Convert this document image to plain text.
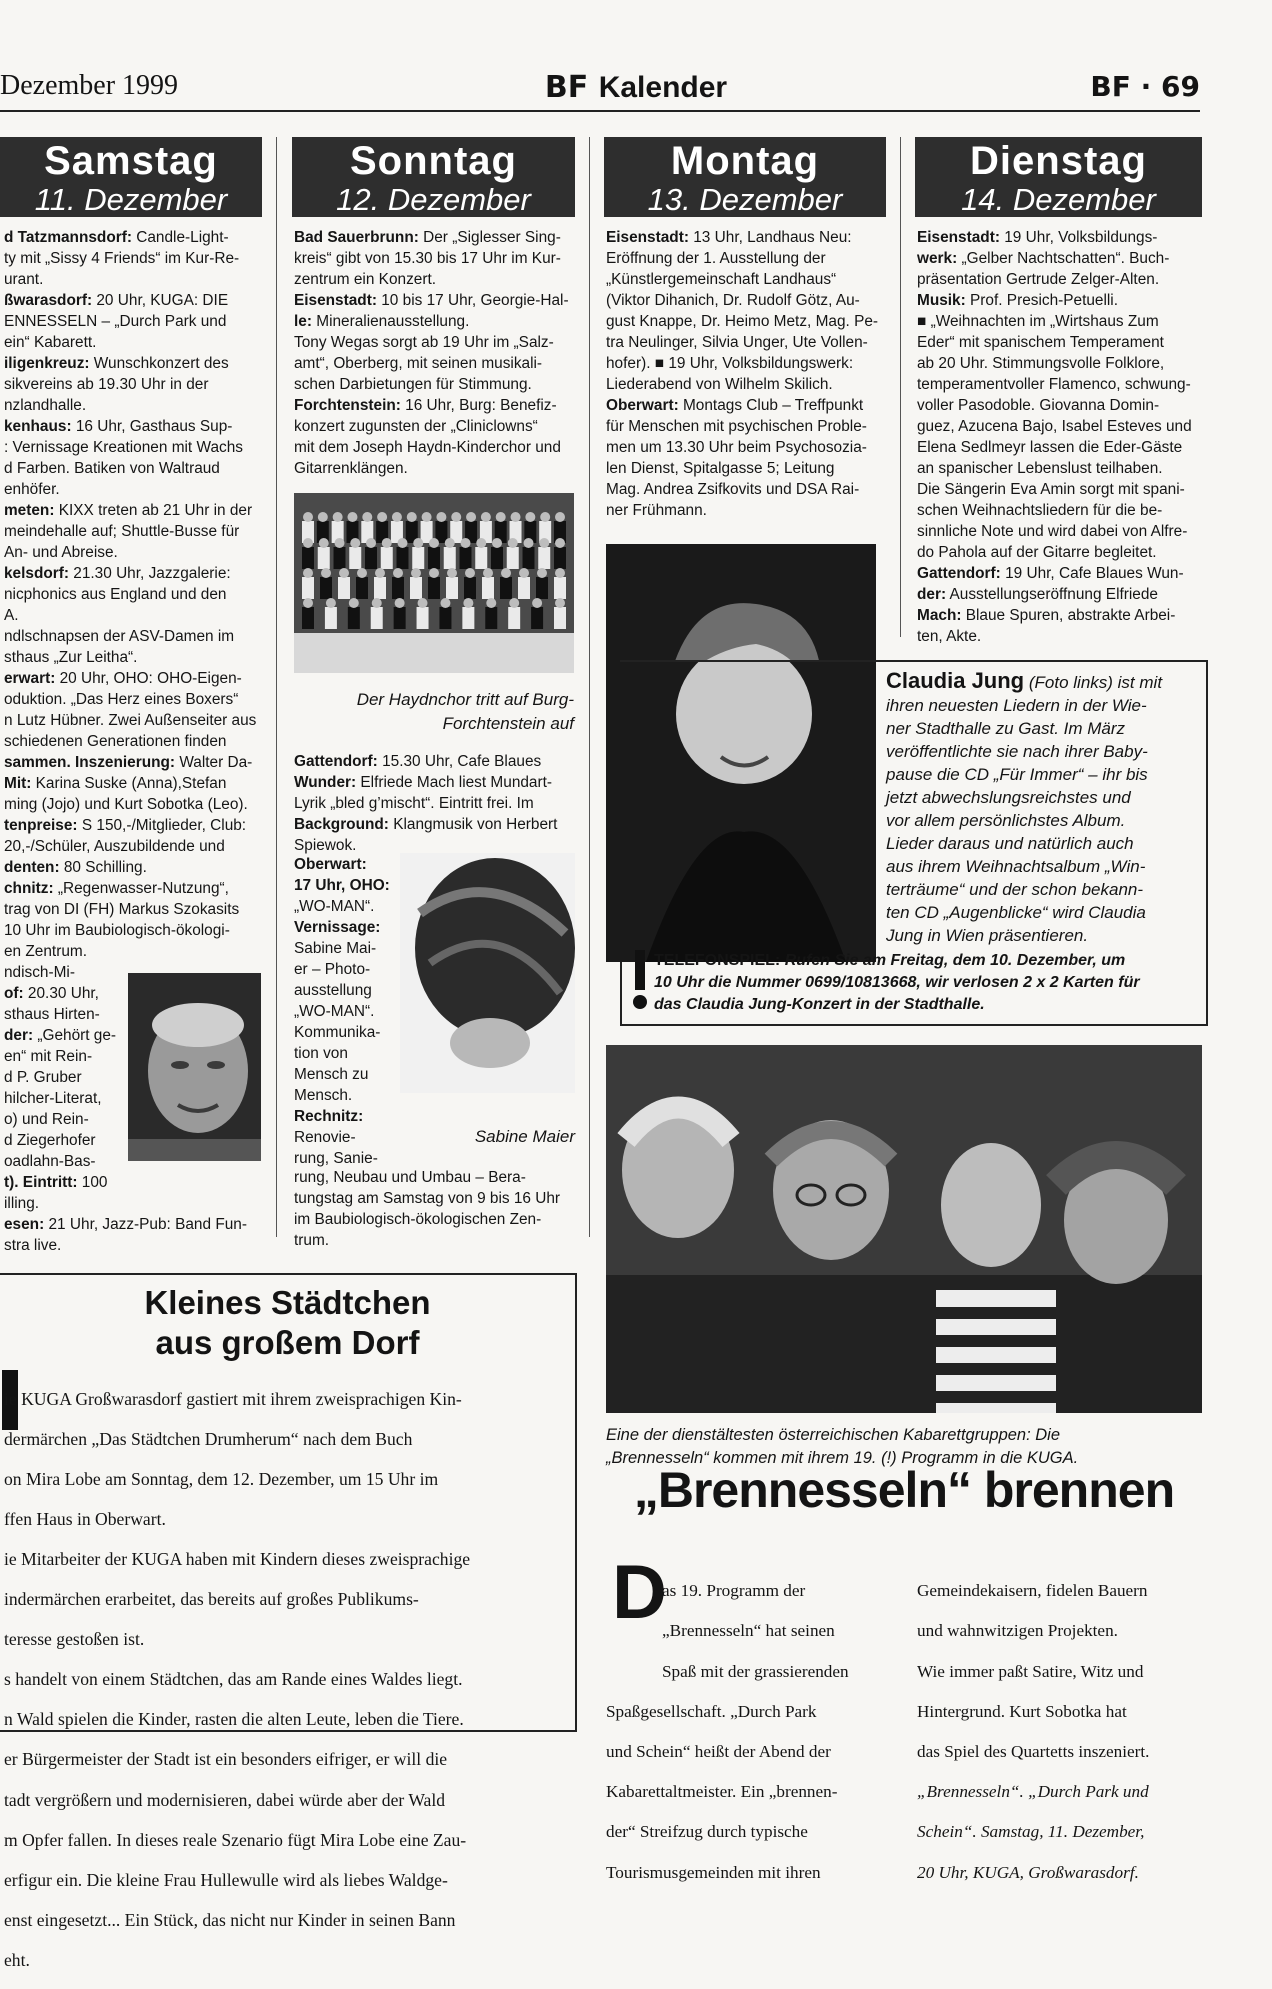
Dezember 1999	BF Kalender	BF · 69
Samstag
11. Dezember
Sonntag
12. Dezember
Montag
13. Dezember
Dienstag
14. Dezember

d Tatzmannsdorf: Candle-Light-

ty mit „Sissy 4 Friends“ im Kur-Re-

urant.

ßwarasdorf: 20 Uhr, KUGA: DIE

ENNESSELN – „Durch Park und

ein“ Kabarett.

iligenkreuz: Wunschkonzert des

sikvereins ab 19.30 Uhr in der

nzlandhalle.

kenhaus: 16 Uhr, Gasthaus Sup-

: Vernissage Kreationen mit Wachs

d Farben. Batiken von Waltraud

enhöfer.

meten: KIXX treten ab 21 Uhr in der

meindehalle auf; Shuttle-Busse für

An- und Abreise.

kelsdorf: 21.30 Uhr, Jazzgalerie:

nicphonics aus England und den

A.

ndlschnapsen der ASV-Damen im

sthaus „Zur Leitha“.

erwart: 20 Uhr, OHO: OHO-Eigen-

oduktion. „Das Herz eines Boxers“

n Lutz Hübner. Zwei Außenseiter aus

schiedenen Generationen finden

sammen. Inszenierung: Walter Da-

Mit: Karina Suske (Anna),Stefan

ming (Jojo) und Kurt Sobotka (Leo).

tenpreise: S 150,-/Mitglieder, Club:

20,-/Schüler, Auszubildende und

denten: 80 Schilling.

chnitz: „Regenwasser-Nutzung“,

trag von DI (FH) Markus Szokasits

10 Uhr im Baubiologisch-ökologi-

en Zentrum.

ndisch-Mi-

of: 20.30 Uhr,

sthaus Hirten-

der: „Gehört ge-

en“ mit Rein-

d P. Gruber

hilcher-Literat,

o) und Rein-

d Ziegerhofer

oadlahn-Bas-

t). Eintritt: 100

illing.

esen: 21 Uhr, Jazz-Pub: Band Fun-

stra live.

Bad Sauerbrunn: Der „Siglesser Sing-

kreis“ gibt von 15.30 bis 17 Uhr im Kur-

zentrum ein Konzert.

Eisenstadt: 10 bis 17 Uhr, Georgie-Hal-

le: Mineralienausstellung.

Tony Wegas sorgt ab 19 Uhr im „Salz-

amt“, Oberberg, mit seinen musikali-

schen Darbietungen für Stimmung.

Forchtenstein: 16 Uhr, Burg: Benefiz-

konzert zugunsten der „Cliniclowns“

mit dem Joseph Haydn-Kinderchor und

Gitarrenklängen.

Der Haydnchor tritt auf Burg-
Forchtenstein auf

Gattendorf: 15.30 Uhr, Cafe Blaues

Wunder: Elfriede Mach liest Mundart-

Lyrik „bled g’mischt“. Eintritt frei. Im

Background: Klangmusik von Herbert

Spiewok.

Oberwart:

17 Uhr, OHO:

„WO-MAN“.

Vernissage:

Sabine Mai-

er – Photo-

ausstellung

„WO-MAN“.

Kommunika-

tion von

Mensch zu

Mensch.

Rechnitz:

Renovie-

rung, Sanie-

Sabine Maier

rung, Neubau und Umbau – Bera-

tungstag am Samstag von 9 bis 16 Uhr

im Baubiologisch-ökologischen Zen-

trum.

Eisenstadt: 13 Uhr, Landhaus Neu:

Eröffnung der 1. Ausstellung der

„Künstlergemeinschaft Landhaus“

(Viktor Dihanich, Dr. Rudolf Götz, Au-

gust Knappe, Dr. Heimo Metz, Mag. Pe-

tra Neulinger, Silvia Unger, Ute Vollen-

hofer). ■ 19 Uhr, Volksbildungswerk:

Liederabend von Wilhelm Skilich.

Oberwart: Montags Club – Treffpunkt

für Menschen mit psychischen Proble-

men um 13.30 Uhr beim Psychosozia-

len Dienst, Spitalgasse 5; Leitung

Mag. Andrea Zsifkovits und DSA Rai-

ner Frühmann.

Eisenstadt: 19 Uhr, Volksbildungs-

werk: „Gelber Nachtschatten“. Buch-

präsentation Gertrude Zelger-Alten.

Musik: Prof. Presich-Petuelli.

■ „Weihnachten im „Wirtshaus Zum

Eder“ mit spanischem Temperament

ab 20 Uhr. Stimmungsvolle Folklore,

temperamentvoller Flamenco, schwung-

voller Pasodoble. Giovanna Domin-

guez, Azucena Bajo, Isabel Esteves und

Elena Sedlmeyr lassen die Eder-Gäste

an spanischer Lebenslust teilhaben.

Die Sängerin Eva Amin sorgt mit spani-

schen Weihnachtsliedern für die be-

sinnliche Note und wird dabei von Alfre-

do Pahola auf der Gitarre begleitet.

Gattendorf: 19 Uhr, Cafe Blaues Wun-

der: Ausstellungseröffnung Elfriede

Mach: Blaue Spuren, abstrakte Arbei-

ten, Akte.

Claudia Jung (Foto links) ist mit
ihren neuesten Liedern in der Wie-
ner Stadthalle zu Gast. Im März
veröffentlichte sie nach ihrer Baby-
pause die CD „Für Immer“ – ihr bis
jetzt abwechslungsreichstes und
vor allem persönlichstes Album.
Lieder daraus und natürlich auch
aus ihrem Weihnachtsalbum „Win-
terträume“ und der schon bekann-
ten CD „Augenblicke“ wird Claudia
Jung in Wien präsentieren.
TELEFONSPIEL: Rufen Sie am Freitag, dem 10. Dezember, um
10 Uhr die Nummer 0699/10813668, wir verlosen 2 x 2 Karten für
das Claudia Jung-Konzert in der Stadthalle.
Eine der dienstältesten österreichischen Kabarettgruppen: Die
„Brennesseln“ kommen mit ihrem 19. (!) Programm in die KUGA.
Kleines Städtchen
aus großem Dorf

ie KUGA Großwarasdorf gastiert mit ihrem zweisprachigen Kin-

dermärchen „Das Städtchen Drumherum“ nach dem Buch

on Mira Lobe am Sonntag, dem 12. Dezember, um 15 Uhr im

ffen Haus in Oberwart.

ie Mitarbeiter der KUGA haben mit Kindern dieses zweisprachige

indermärchen erarbeitet, das bereits auf großes Publikums-

teresse gestoßen ist.

s handelt von einem Städtchen, das am Rande eines Waldes liegt.

n Wald spielen die Kinder, rasten die alten Leute, leben die Tiere.

er Bürgermeister der Stadt ist ein besonders eifriger, er will die

tadt vergrößern und modernisieren, dabei würde aber der Wald

m Opfer fallen. In dieses reale Szenario fügt Mira Lobe eine Zau-

erfigur ein. Die kleine Frau Hullewulle wird als liebes Waldge-

enst eingesetzt... Ein Stück, das nicht nur Kinder in seinen Bann

eht.

„Brennesseln“ brennen
D

as 19. Programm der

„Brennesseln“ hat seinen

Spaß mit der grassierenden

Spaßgesellschaft. „Durch Park

und Schein“ heißt der Abend der

Kabarettaltmeister. Ein „brennen-

der“ Streifzug durch typische

Tourismusgemeinden mit ihren

Gemeindekaisern, fidelen Bauern

und wahnwitzigen Projekten.

Wie immer paßt Satire, Witz und

Hintergrund. Kurt Sobotka hat

das Spiel des Quartetts inszeniert.

„Brennesseln“. „Durch Park und

Schein“. Samstag, 11. Dezember,

20 Uhr, KUGA, Großwarasdorf.
